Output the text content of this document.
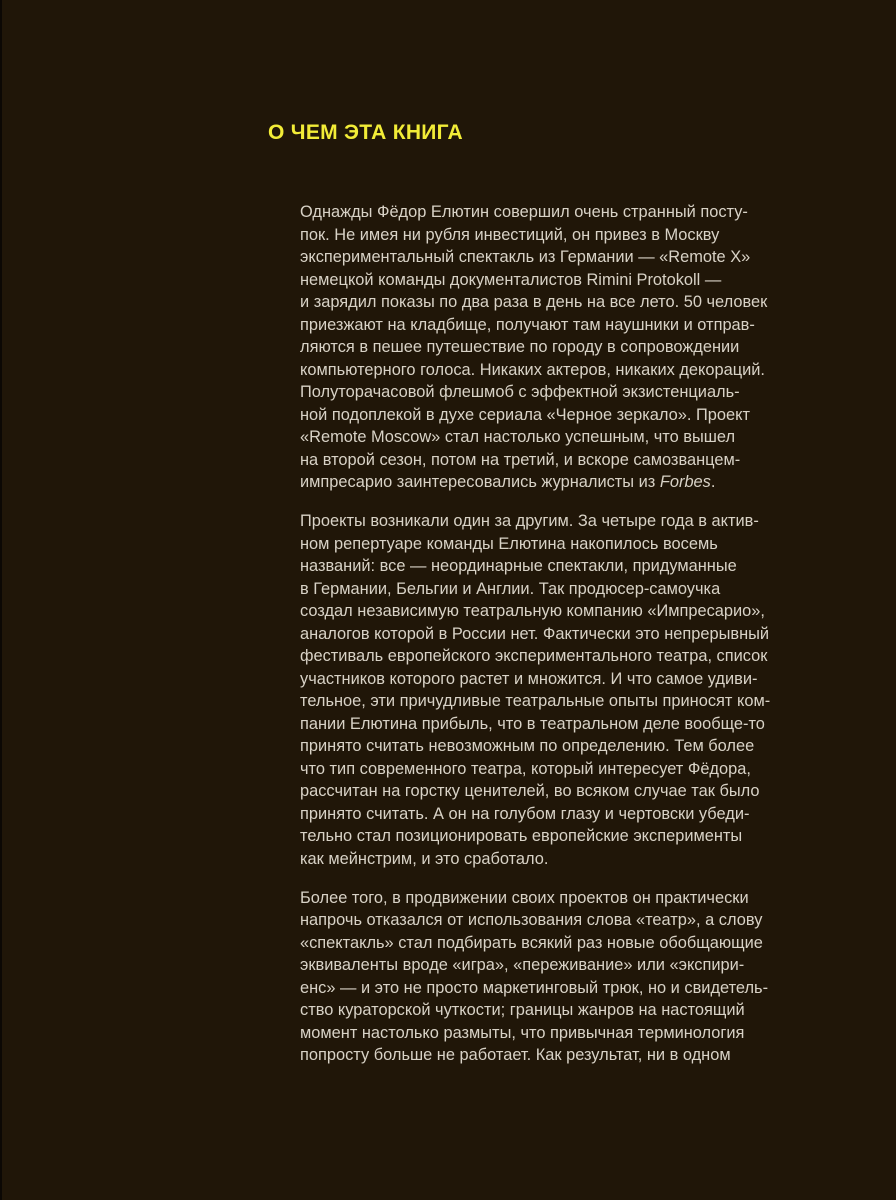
О ЧЕМ ЭТА КНИГА

Однажды Фёдор Елютин совершил очень странный посту-
пок. Не имея ни рубля инвестиций, он привез в Москву
экспериментальный спектакль из Германии — «Remote X»
немецкой команды документалистов Rimini Protokoll —
и зарядил показы по два раза в день на все лето. 50 человек
приезжают на кладбище, получают там наушники и отправ-
ляются в пешее путешествие по городу в сопровождении
компьютерного голоса. Никаких актеров, никаких декораций.
Полуторачасовой флешмоб с эффектной экзистенциаль-
ной подоплекой в духе сериала «Черное зеркало». Проект
«Remote Moscow» стал настолько успешным, что вышел
на второй сезон, потом на третий, и вскоре самозванцем-
импресарио заинтересовались журналисты из Forbes.

Проекты возникали один за другим. За четыре года в актив-
ном репертуаре команды Елютина накопилось восемь
названий: все — неординарные спектакли, придуманные
в Германии, Бельгии и Англии. Так продюсер-самоучка
создал независимую театральную компанию «Импресарио»,
аналогов которой в России нет. Фактически это непрерывный
фестиваль европейского экспериментального театра, список
участников которого растет и множится. И что самое удиви-
тельное, эти причудливые театральные опыты приносят ком-
пании Елютина прибыль, что в театральном деле вообще-то
принято считать невозможным по определению. Тем более
что тип современного театра, который интересует Фёдора,
рассчитан на горстку ценителей, во всяком случае так было
принято считать. А он на голубом глазу и чертовски убеди-
тельно стал позиционировать европейские эксперименты
как мейнстрим, и это сработало.

Более того, в продвижении своих проектов он практически
напрочь отказался от использования слова «театр», а слову
«спектакль» стал подбирать всякий раз новые обобщающие
эквиваленты вроде «игра», «переживание» или «экспири-
енс» — и это не просто маркетинговый трюк, но и свидетель-
ство кураторской чуткости; границы жанров на настоящий
момент настолько размыты, что привычная терминология
попросту больше не работает. Как результат, ни в одном
